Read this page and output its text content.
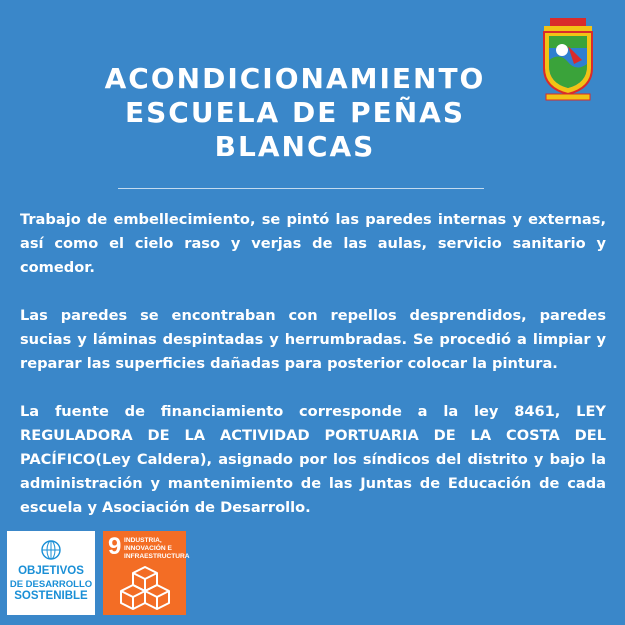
ACONDICIONAMIENTO
ESCUELA DE PEÑAS
BLANCAS

Trabajo de embellecimiento, se pintó las paredes internas y externas, así como el cielo raso y verjas de las aulas, servicio sanitario y comedor.

Las paredes se encontraban con repellos desprendidos, paredes sucias y láminas despintadas y herrumbradas. Se procedió a limpiar y reparar las superficies dañadas para posterior colocar la pintura.

La fuente de financiamiento corresponde a la ley 8461, LEY REGULADORA DE LA ACTIVIDAD PORTUARIA DE LA COSTA DEL PACÍFICO(Ley Caldera), asignado por los síndicos del distrito y bajo la administración y mantenimiento de las Juntas de Educación de cada escuela y Asociación de Desarrollo.

OBJETIVOS
DE DESARROLLO
SOSTENIBLE
9 INDUSTRIA, INNOVACIÓN E INFRAESTRUCTURA
